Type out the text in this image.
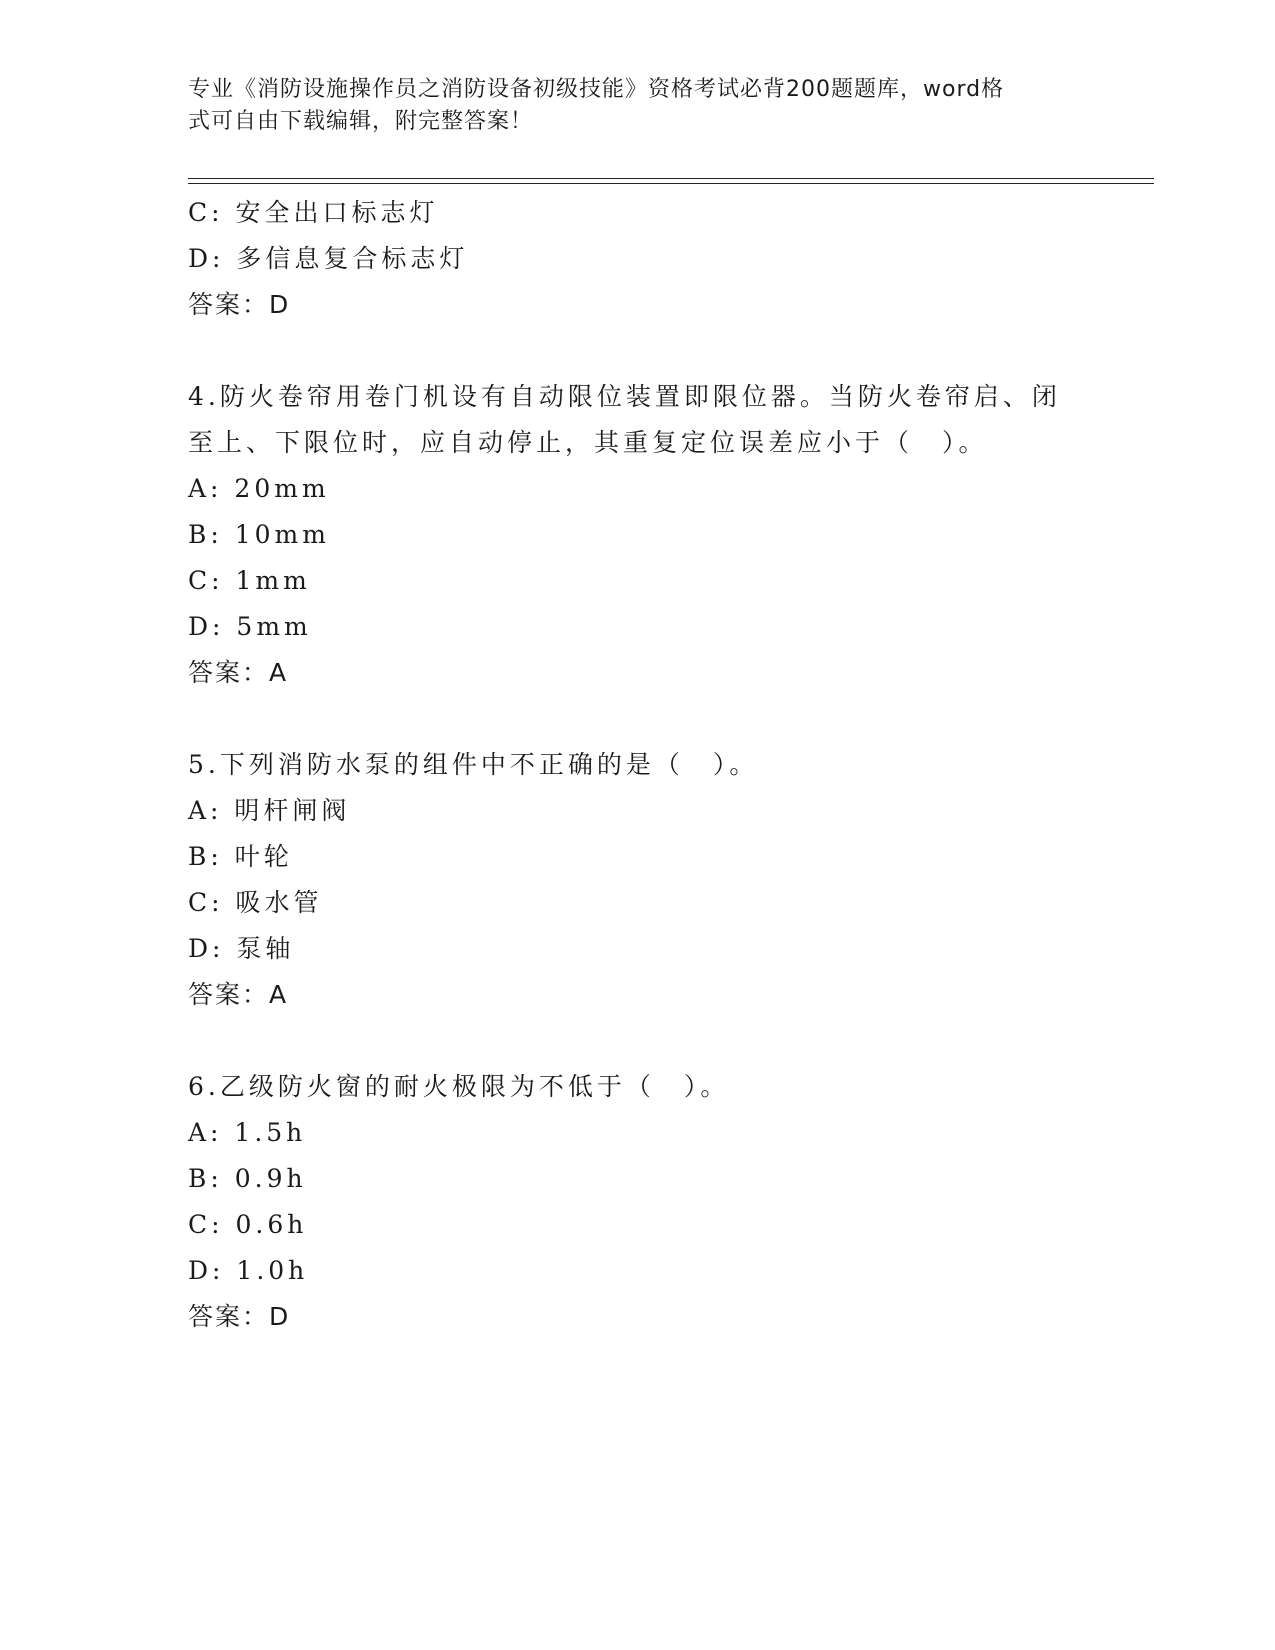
专业《消防设施操作员之消防设备初级技能》资格考试必背200题题库，word格
式可自由下载编辑，附完整答案！
C: 安全出口标志灯
D: 多信息复合标志灯
答案：D
4.防火卷帘用卷门机设有自动限位装置即限位器。当防火卷帘启、闭
至上、下限位时，应自动停止，其重复定位误差应小于（　）。
A: 20mm
B: 10mm
C: 1mm
D: 5mm
答案：A
5.下列消防水泵的组件中不正确的是（　）。
A: 明杆闸阀
B: 叶轮
C: 吸水管
D: 泵轴
答案：A
6.乙级防火窗的耐火极限为不低于（　）。
A: 1.5h
B: 0.9h
C: 0.6h
D: 1.0h
答案：D
